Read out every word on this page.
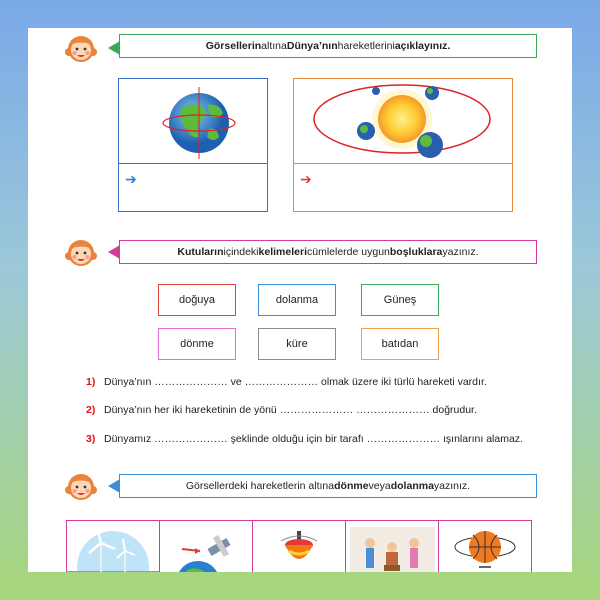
Görsellerin altına Dünya’nın hareketlerini açıklayınız.
➔	➔
Kutuların içindeki kelimeleri cümlelerde uygun boşluklara yazınız.
doğuya	dolanma	Güneş
dönme	küre	batıdan
1) Dünya’nın ………………… ve ………………… olmak üzere iki türlü hareketi vardır.
2) Dünya’nın her iki hareketinin de yönü ………………… ………………… doğrudur.
3) Dünyamız ………………… şeklinde olduğu için bir tarafı ………………… ışınlarını alamaz.
Görsellerdeki hareketlerin altına dönme veya dolanma yazınız.
